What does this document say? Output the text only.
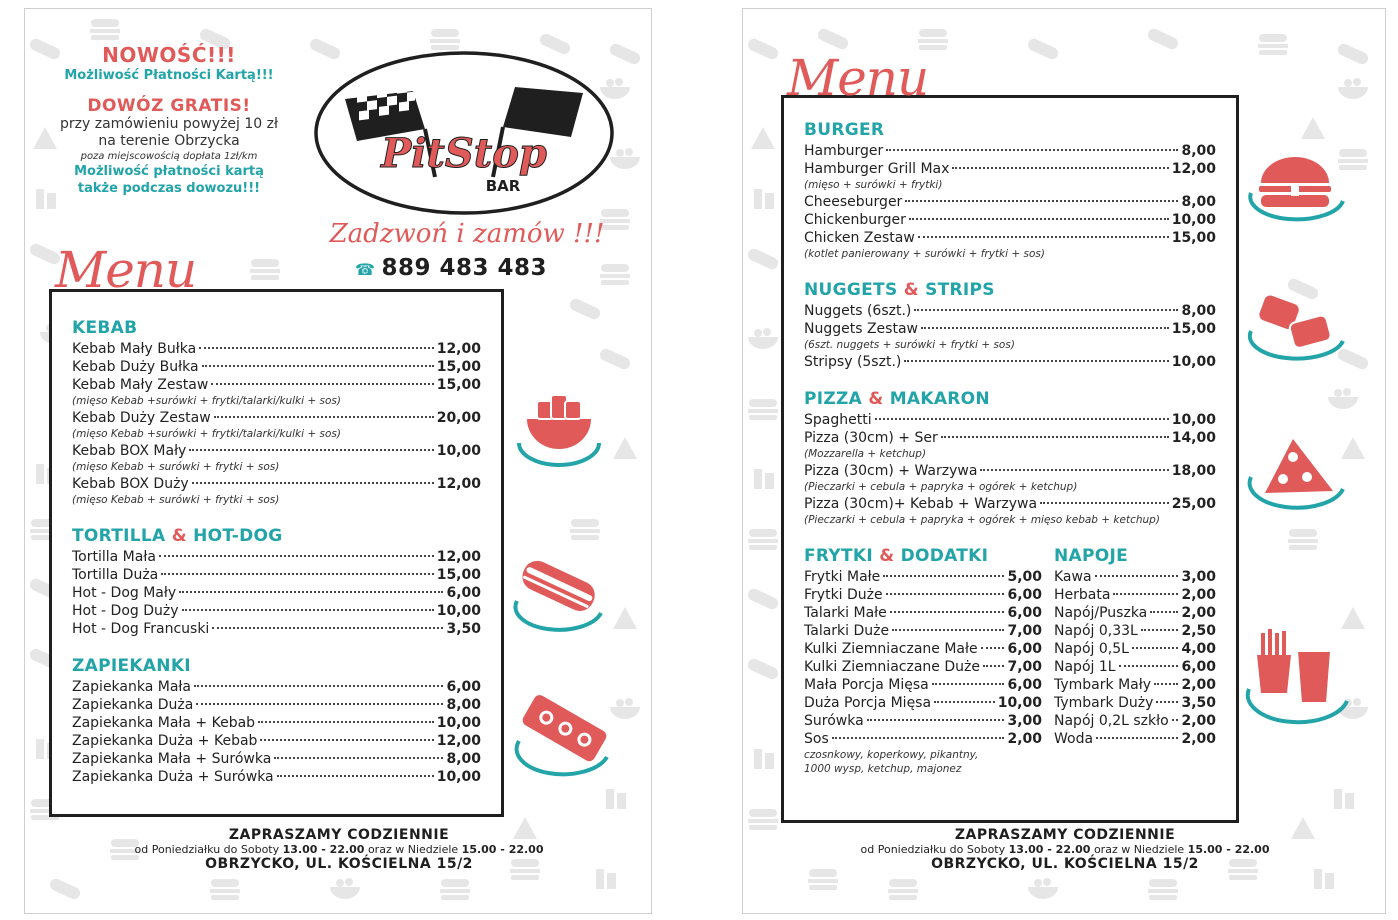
NOWOŚĆ!!!
Możliwość Płatności Kartą!!!
DOWÓZ GRATIS!
przy zamówieniu powyżej 10 zł
na terenie Obrzycka
poza miejscowością dopłata 1zł/km
Możliwość płatności kartą
także podczas dowozu!!!
PitStop
BAR
Zadzwoń i zamów !!!
☎ 889 483 483
Menu
KEBAB
Kebab Mały Bułka	12,00
Kebab Duży Bułka	15,00
Kebab Mały Zestaw	15,00
(mięso Kebab +surówki + frytki/talarki/kulki + sos)
Kebab Duży Zestaw	20,00
(mięso Kebab +surówki + frytki/talarki/kulki + sos)
Kebab BOX Mały	10,00
(mięso Kebab + surówki + frytki + sos)
Kebab BOX Duży	12,00
(mięso Kebab + surówki + frytki + sos)
TORTILLA & HOT-DOG
Tortilla Mała	12,00
Tortilla Duża	15,00
Hot - Dog Mały	6,00
Hot - Dog Duży	10,00
Hot - Dog Francuski	3,50
ZAPIEKANKI
Zapiekanka Mała	6,00
Zapiekanka Duża	8,00
Zapiekanka Mała + Kebab	10,00
Zapiekanka Duża + Kebab	12,00
Zapiekanka Mała + Surówka	8,00
Zapiekanka Duża + Surówka	10,00
ZAPRASZAMY CODZIENNIE
od Poniedziałku do Soboty 13.00 - 22.00 oraz w Niedziele 15.00 - 22.00
OBRZYCKO, UL. KOŚCIELNA 15/2
Menu
BURGER
Hamburger	8,00
Hamburger Grill Max	12,00
(mięso + surówki + frytki)
Cheeseburger	8,00
Chickenburger	10,00
Chicken Zestaw	15,00
(kotlet panierowany + surówki + frytki + sos)
NUGGETS & STRIPS
Nuggets (6szt.)	8,00
Nuggets Zestaw	15,00
(6szt. nuggets + surówki + frytki + sos)
Stripsy (5szt.)	10,00
PIZZA & MAKARON
Spaghetti	10,00
Pizza (30cm) + Ser	14,00
(Mozzarella + ketchup)
Pizza (30cm) + Warzywa	18,00
(Pieczarki + cebula + papryka + ogórek + ketchup)
Pizza (30cm)+ Kebab + Warzywa	25,00
(Pieczarki + cebula + papryka + ogórek + mięso kebab + ketchup)
FRYTKI & DODATKI
Frytki Małe	5,00
Frytki Duże	6,00
Talarki Małe	6,00
Talarki Duże	7,00
Kulki Ziemniaczane Małe 6,00
Kulki Ziemniaczane Duże 7,00
Mała Porcja Mięsa	6,00
Duża Porcja Mięsa	10,00
Surówka	3,00
Sos	2,00
czosnkowy, koperkowy, pikantny,
1000 wysp, ketchup, majonez
NAPOJE
Kawa	3,00
Herbata	2,00
Napój/Puszka 2,00
Napój 0,33L	2,50
Napój 0,5L	4,00
Napój 1L	6,00
Tymbark Mały 2,00
Tymbark Duży 3,50
Napój 0,2L szkło 2,00
Woda	2,00
ZAPRASZAMY CODZIENNIE
od Poniedziałku do Soboty 13.00 - 22.00 oraz w Niedziele 15.00 - 22.00
OBRZYCKO, UL. KOŚCIELNA 15/2
